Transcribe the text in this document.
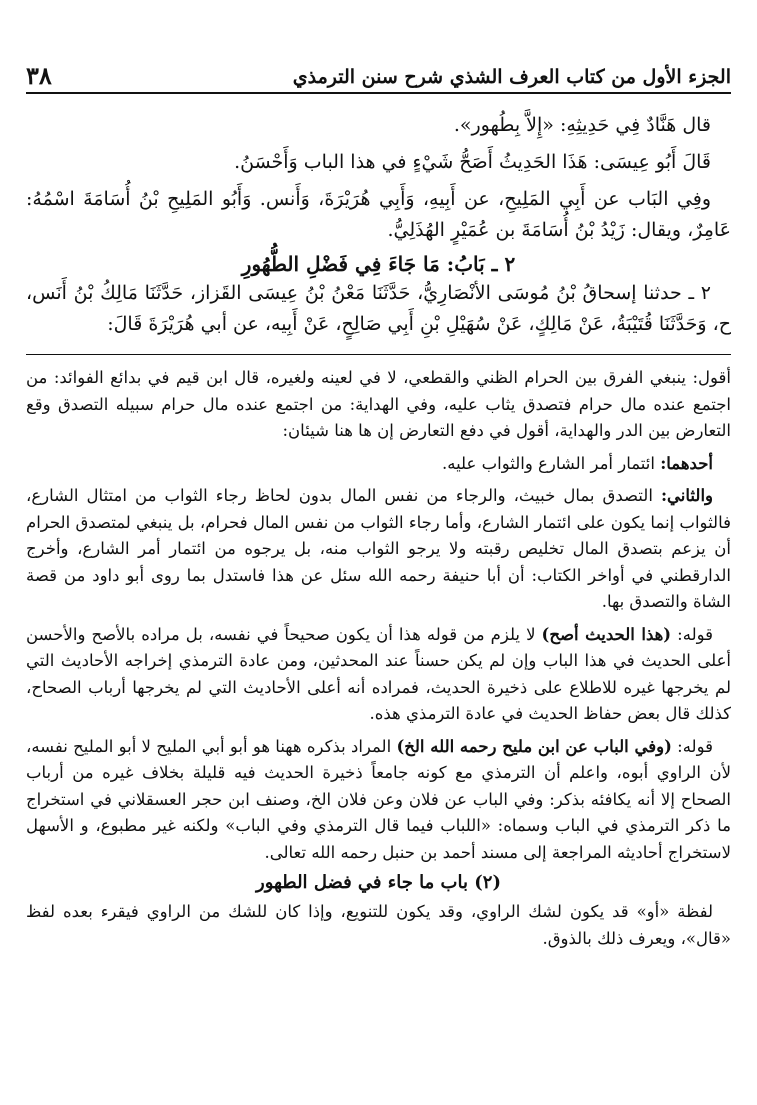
٣٨	الجزء الأول من كتاب العرف الشذي شرح سنن الترمذي

قال هَنَّادٌ فِي حَدِيثِهِ: «إِلاَّ بِطُهور».

قَالَ أَبُو عِيسَى: هَذَا الحَدِيثُ أَصَحُّ شَيْءٍ في هذا الباب وَأَحْسَنُ.

وفِي البَاب عن أَبِي المَلِيحِ، عن أَبِيهِ، وَأَبِي هُرَيْرَةَ، وَأَنس. وَأَبُو المَلِيحِ بْنُ أُسَامَةَ اسْمُهُ: عَامِرٌ، ويقال: زَيْدُ بْنُ أُسَامَةَ بن عُمَيْرٍ الهُذَلِيُّ.

٢ ـ بَابُ: مَا جَاءَ فِي فَضْلِ الطُّهُورِ

٢ ـ حدثنا إسحاقُ بْنُ مُوسَى الأنْصَارِيُّ، حَدَّثَنَا مَعْنُ بْنُ عِيسَى القَزاز، حَدَّثَنَا مَالِكُ بْنُ أَنَس، ح، وَحَدَّثَنَا قُتَيْبَةُ، عَنْ مَالِكٍ، عَنْ سُهَيْلِ بْنِ أَبِي صَالِحٍ، عَنْ أَبِيه، عن أبي هُرَيْرَةَ قَالَ:

أقول: ينبغي الفرق بين الحرام الظني والقطعي، لا في لعينه ولغيره، قال ابن قيم في بدائع الفوائد: من اجتمع عنده مال حرام فتصدق يثاب عليه، وفي الهداية: من اجتمع عنده مال حرام سبيله التصدق وقع التعارض بين الدر والهداية، أقول في دفع التعارض إن ها هنا شيئان:

أحدهما: ائتمار أمر الشارع والثواب عليه.

والثاني: التصدق بمال خبيث، والرجاء من نفس المال بدون لحاظ رجاء الثواب من امتثال الشارع، فالثواب إنما يكون على ائتمار الشارع، وأما رجاء الثواب من نفس المال فحرام، بل ينبغي لمتصدق الحرام أن يزعم بتصدق المال تخليص رقبته ولا يرجو الثواب منه، بل يرجوه من ائتمار أمر الشارع، وأخرج الدارقطني في أواخر الكتاب: أن أبا حنيفة رحمه الله سئل عن هذا فاستدل بما روى أبو داود من قصة الشاة والتصدق بها.

قوله: (هذا الحديث أصح) لا يلزم من قوله هذا أن يكون صحيحاً في نفسه، بل مراده بالأصح والأحسن أعلى الحديث في هذا الباب وإن لم يكن حسناً عند المحدثين، ومن عادة الترمذي إخراجه الأحاديث التي لم يخرجها غيره للاطلاع على ذخيرة الحديث، فمراده أنه أعلى الأحاديث التي لم يخرجها أرباب الصحاح، كذلك قال بعض حفاظ الحديث في عادة الترمذي هذه.

قوله: (وفي الباب عن ابن مليح رحمه الله الخ) المراد بذكره ههنا هو أبو أبي المليح لا أبو المليح نفسه، لأن الراوي أبوه، واعلم أن الترمذي مع كونه جامعاً ذخيرة الحديث فيه قليلة بخلاف غيره من أرباب الصحاح إلا أنه يكافئه بذكر: وفي الباب عن فلان وعن فلان الخ، وصنف ابن حجر العسقلاني في استخراج ما ذكر الترمذي في الباب وسماه: «اللباب فيما قال الترمذي وفي الباب» ولكنه غير مطبوع، و الأسهل لاستخراج أحاديثه المراجعة إلى مسند أحمد بن حنبل رحمه الله تعالى.

(٢) باب ما جاء في فضل الطهور

لفظة «أو» قد يكون لشك الراوي، وقد يكون للتنويع، وإذا كان للشك من الراوي فيقرء بعده لفظ «قال»، ويعرف ذلك بالذوق.
